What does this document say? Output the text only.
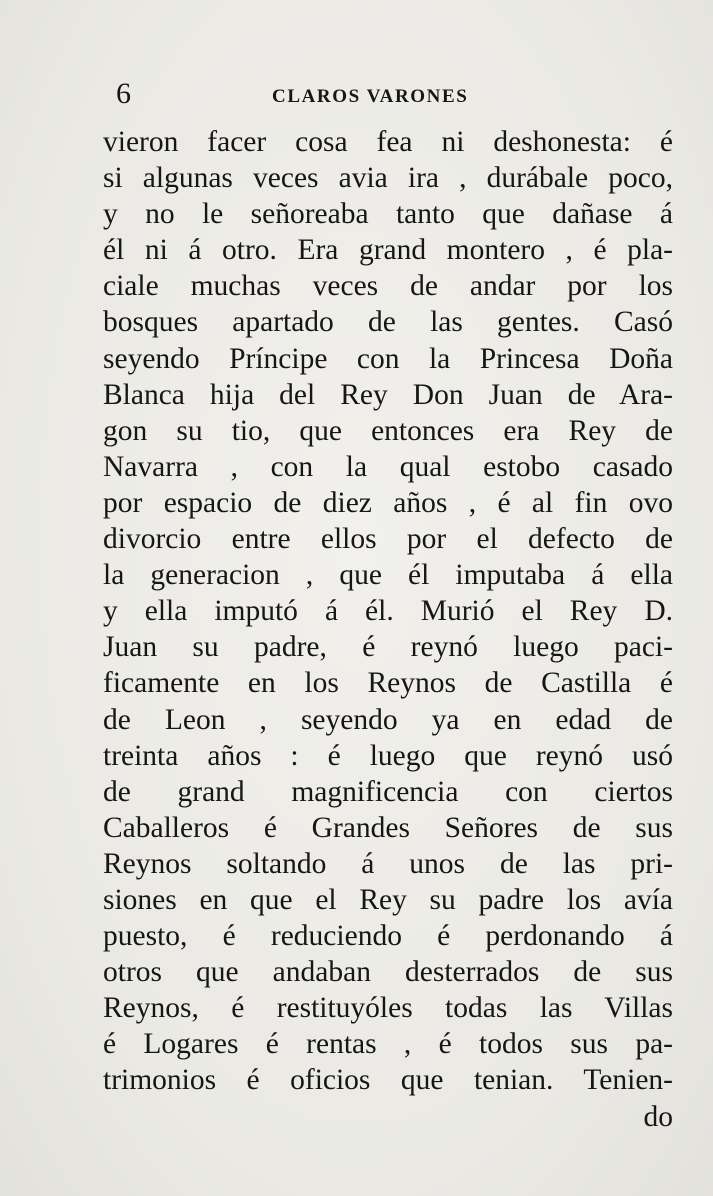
6	CLAROS VARONES
vieron facer cosa fea ni deshonesta: é
si algunas veces avia ira , durábale poco,
y no le señoreaba tanto que dañase á
él ni á otro. Era grand montero , é pla-
ciale muchas veces de andar por los
bosques apartado de las gentes. Casó
seyendo Príncipe con la Princesa Doña
Blanca hija del Rey Don Juan de Ara-
gon su tio, que entonces era Rey de
Navarra , con la qual estobo casado
por espacio de diez años , é al fin ovo
divorcio entre ellos por el defecto de
la generacion , que él imputaba á ella
y ella imputó á él. Murió el Rey D.
Juan su padre, é reynó luego paci-
ficamente en los Reynos de Castilla é
de Leon , seyendo ya en edad de
treinta años : é luego que reynó usó
de grand magnificencia con ciertos
Caballeros é Grandes Señores de sus
Reynos soltando á unos de las pri-
siones en que el Rey su padre los avía
puesto, é reduciendo é perdonando á
otros que andaban desterrados de sus
Reynos, é restituyóles todas las Villas
é Logares é rentas , é todos sus pa-
trimonios é oficios que tenian. Tenien-
do
